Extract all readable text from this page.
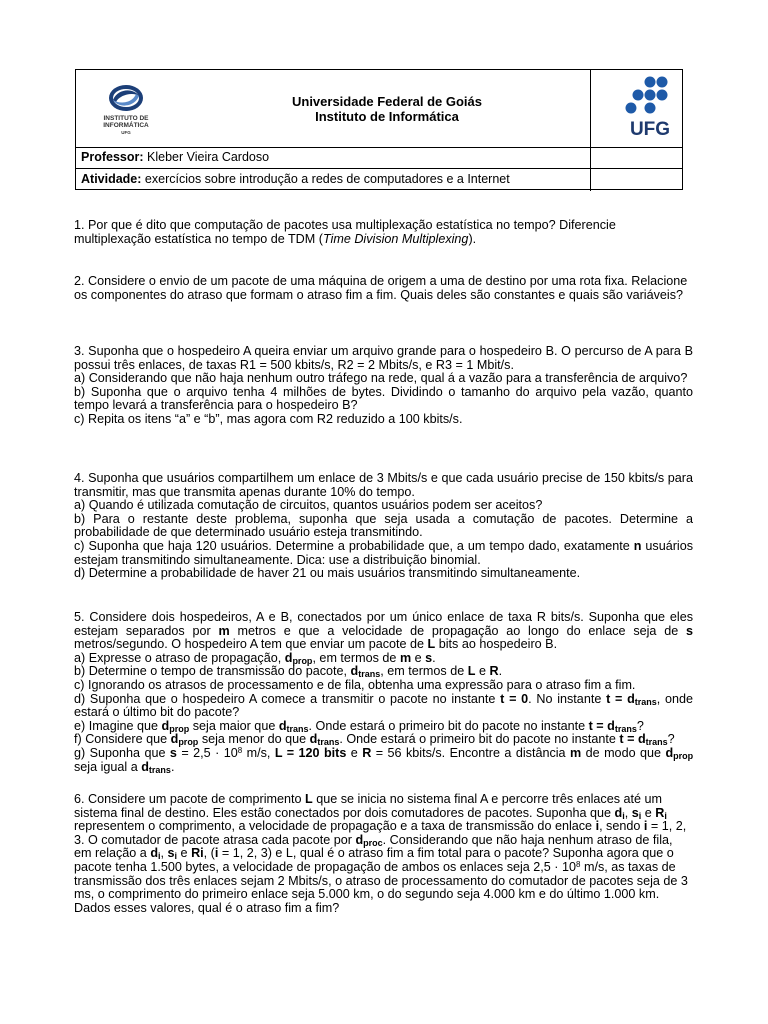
INSTITUTO DE
INFORMÁTICA
UFG
Universidade Federal de Goiás
Instituto de Informática
UFG
Professor: Kleber Vieira Cardoso
Atividade: exercícios sobre introdução a redes de computadores e a Internet

1. Por que é dito que computação de pacotes usa multiplexação estatística no tempo? Diferencie multiplexação estatística no tempo de TDM (Time Division Multiplexing).

2. Considere o envio de um pacote de uma máquina de origem a uma de destino por uma rota fixa. Relacione os componentes do atraso que formam o atraso fim a fim. Quais deles são constantes e quais são variáveis?

3. Suponha que o hospedeiro A queira enviar um arquivo grande para o hospedeiro B. O percurso de A para B possui três enlaces, de taxas R1 = 500 kbits/s, R2 = 2 Mbits/s, e R3 = 1 Mbit/s.

a) Considerando que não haja nenhum outro tráfego na rede, qual á a vazão para a transferência de arquivo?

b) Suponha que o arquivo tenha 4 milhões de bytes. Dividindo o tamanho do arquivo pela vazão, quanto tempo levará a transferência para o hospedeiro B?

c) Repita os itens “a” e “b”, mas agora com R2 reduzido a 100 kbits/s.

4. Suponha que usuários compartilhem um enlace de 3 Mbits/s e que cada usuário precise de 150 kbits/s para transmitir, mas que transmita apenas durante 10% do tempo.

a) Quando é utilizada comutação de circuitos, quantos usuários podem ser aceitos?

b) Para o restante deste problema, suponha que seja usada a comutação de pacotes. Determine a probabilidade de que determinado usuário esteja transmitindo.

c) Suponha que haja 120 usuários. Determine a probabilidade que, a um tempo dado, exatamente n usuários estejam transmitindo simultaneamente. Dica: use a distribuição binomial.

d) Determine a probabilidade de haver 21 ou mais usuários transmitindo simultaneamente.

5. Considere dois hospedeiros, A e B, conectados por um único enlace de taxa R bits/s. Suponha que eles estejam separados por m metros e que a velocidade de propagação ao longo do enlace seja de s metros/segundo. O hospedeiro A tem que enviar um pacote de L bits ao hospedeiro B.

a) Expresse o atraso de propagação, $d_{prop}$, em termos de m e s.

b) Determine o tempo de transmissão do pacote, $d_{trans}$, em termos de L e R.

c) Ignorando os atrasos de processamento e de fila, obtenha uma expressão para o atraso fim a fim.

d) Suponha que o hospedeiro A comece a transmitir o pacote no instante t = 0. No instante $t = d_{trans}$, onde estará o último bit do pacote?

e) Imagine que $d_{prop}$ seja maior que $d_{trans}$. Onde estará o primeiro bit do pacote no instante $t = d_{trans}$?

f) Considere que $d_{prop}$ seja menor do que $d_{trans}$. Onde estará o primeiro bit do pacote no instante $t = d_{trans}$?

g) Suponha que $s = 2,5 \cdot 10^8$ m/s, L = 120 bits e R = 56 kbits/s. Encontre a distância m de modo que $d_{prop}$ seja igual a $d_{trans}$.

6. Considere um pacote de comprimento L que se inicia no sistema final A e percorre três enlaces até um sistema final de destino. Eles estão conectados por dois comutadores de pacotes. Suponha que $d_i$, $s_i$ e $R_i$ representem o comprimento, a velocidade de propagação e a taxa de transmissão do enlace i, sendo i = 1, 2, 3. O comutador de pacote atrasa cada pacote por $d_{proc}$. Considerando que não haja nenhum atraso de fila, em relação a $d_i$, $s_i$ e Ri, (i = 1, 2, 3) e L, qual é o atraso fim a fim total para o pacote? Suponha agora que o pacote tenha 1.500 bytes, a velocidade de propagação de ambos os enlaces seja $2,5 \cdot 10^8$ m/s, as taxas de transmissão dos três enlaces sejam 2 Mbits/s, o atraso de processamento do comutador de pacotes seja de 3 ms, o comprimento do primeiro enlace seja 5.000 km, o do segundo seja 4.000 km e do último 1.000 km. Dados esses valores, qual é o atraso fim a fim?
